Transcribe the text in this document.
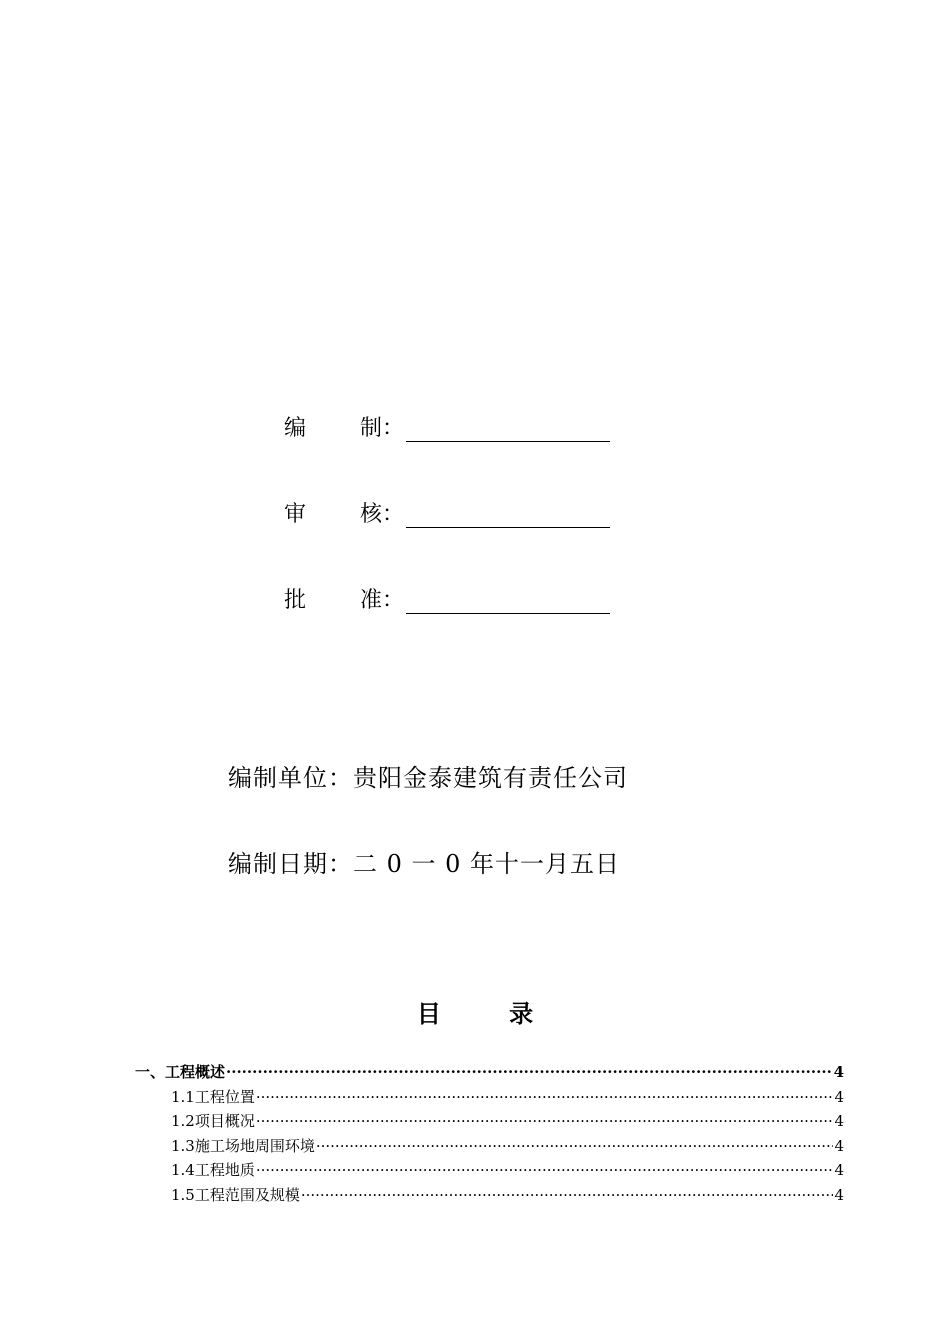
编 制：
审 核：
批 准：
编制单位：贵阳金泰建筑有责任公司
编制日期：二 0 一 0 年十一月五日
目 录
一、工程概述 ·····	4
1.1工程位置 ·····	4
1.2项目概况 ·····	4
1.3施工场地周围环境 ·····	4
1.4工程地质 ·····	4
1.5工程范围及规模 ·····	4
